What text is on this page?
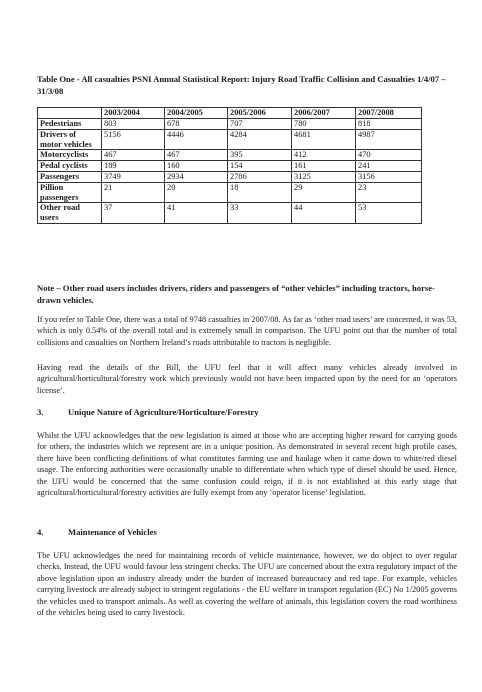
Table One - All casualties PSNI Annual Statistical Report: Injury Road Traffic Collision and Casualties 1/4/07 – 31/3/08
	2003/2004	2004/2005	2005/2006	2006/2007	2007/2008
Pedestrians	803	678	707	780	818
Drivers of motor vehicles	5156	4446	4284	4681	4987
Motorcyclists	467	467	395	412	470
Pedal cyclists	189	160	154	161	241
Passengers	3749	2934	2786	3125	3156
Pillion passengers	21	20	18	29	23
Other road users	37	41	33	44	53
Note – Other road users includes drivers, riders and passengers of “other vehicles” including tractors, horse-drawn vehicles.
If you refer to Table One, there was a total of 9748 casualties in 2007/08. As far as ‘other road users’ are concerned, it was 53, which is only 0.54% of the overall total and is extremely small in comparison. The UFU point out that the number of total collisions and casualties on Northern Ireland’s roads attributable to tractors is negligible.
Having read the details of the Bill, the UFU feel that it will affect many vehicles already involved in agricultural/horticultural/forestry work which previously would not have been impacted upon by the need for an ‘operators license’.
3.	Unique Nature of Agriculture/Horticulture/Forestry
Whilst the UFU acknowledges that the new legislation is aimed at those who are accepting higher reward for carrying goods for others, the industries which we represent are in a unique position. As demonstrated in several recent high profile cases, there have been conflicting definitions of what constitutes farming use and haulage when it came down to white/red diesel usage. The enforcing authorities were occasionally unable to differentiate when which type of diesel should be used. Hence, the UFU would be concerned that the same confusion could reign, if it is not established at this early stage that agricultural/horticultural/forestry activities are fully exempt from any ‘operator license’ legislation.
4.	Maintenance of Vehicles
The UFU acknowledges the need for maintaining records of vehicle maintenance, however, we do object to over regular checks. Instead, the UFU would favour less stringent checks. The UFU are concerned about the extra regulatory impact of the above legislation upon an industry already under the burden of increased bureaucracy and red tape. For example, vehicles carrying livestock are already subject to stringent regulations - the EU welfare in transport regulation (EC) No 1/2005 governs the vehicles used to transport animals. As well as covering the welfare of animals, this legislation covers the road worthiness of the vehicles being used to carry livestock.
